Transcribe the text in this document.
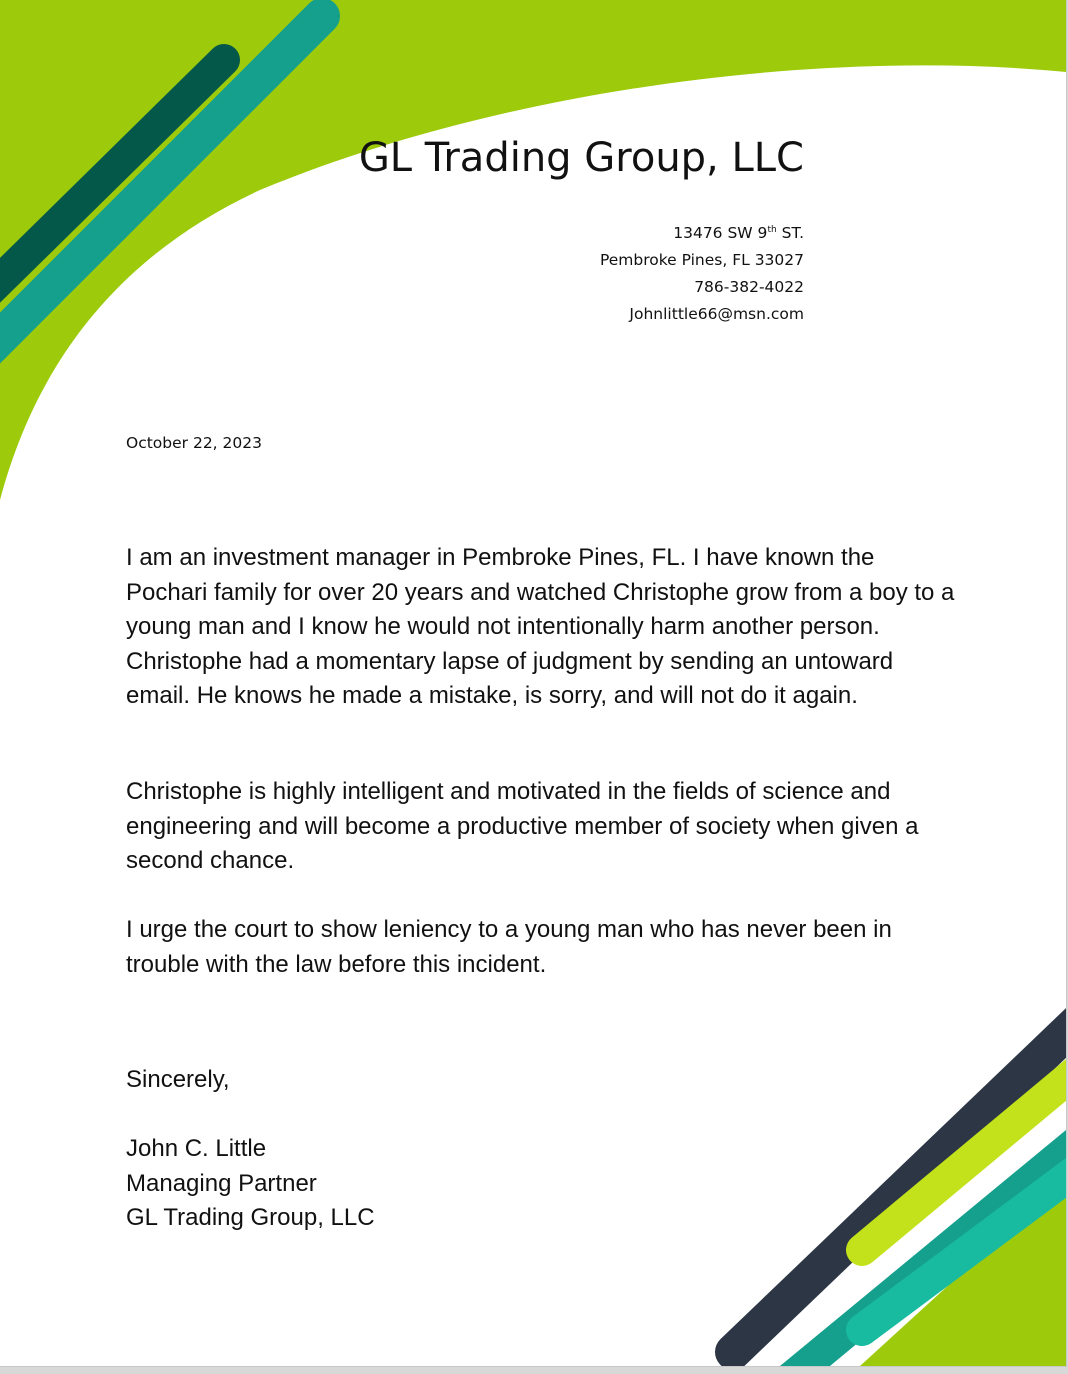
GL Trading Group, LLC
13476 SW 9th ST.
Pembroke Pines, FL 33027
786-382-4022
Johnlittle66@msn.com
October 22, 2023
I am an investment manager in Pembroke Pines, FL. I have known the Pochari family for over 20 years and watched Christophe grow from a boy to a young man and I know he would not intentionally harm another person. Christophe had a momentary lapse of judgment by sending an untoward email. He knows he made a mistake, is sorry, and will not do it again.
Christophe is highly intelligent and motivated in the fields of science and engineering and will become a productive member of society when given a second chance.
I urge the court to show leniency to a young man who has never been in trouble with the law before this incident.
Sincerely,
John C. Little
Managing Partner
GL Trading Group, LLC
